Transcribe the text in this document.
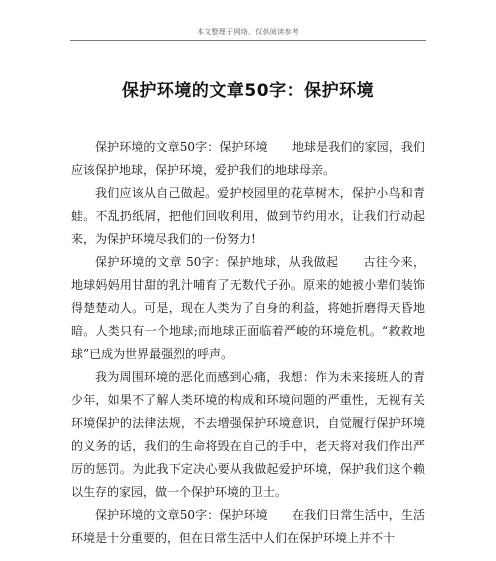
本文整理于网络，仅供阅读参考
保护环境的文章50字：保护环境

保护环境的文章50字：保护环境　　地球是我们的家园，我们应该保护地球，保护环境，爱护我们的地球母亲。

我们应该从自己做起。爱护校园里的花草树木，保护小鸟和青蛙。不乱扔纸屑，把他们回收利用，做到节约用水，让我们行动起来，为保护环境尽我们的一份努力!

保护环境的文章 50字：保护地球，从我做起　　古往今来，地球妈妈用甘甜的乳汁哺育了无数代子孙。原来的她被小辈们装饰得楚楚动人。可是，现在人类为了自身的利益，将她折磨得天昏地暗。人类只有一个地球;而地球正面临着严峻的环境危机。“救救地球”已成为世界最强烈的呼声。

我为周围环境的恶化而感到心痛，我想：作为未来接班人的青少年，如果不了解人类环境的构成和环境问题的严重性，无视有关环境保护的法律法规，不去增强保护环境意识，自觉履行保护环境的义务的话，我们的生命将毁在自己的手中，老天将对我们作出严厉的惩罚。为此我下定决心要从我做起爱护环境，保护我们这个赖以生存的家园，做一个保护环境的卫士。

保护环境的文章50字：保护环境　　在我们日常生活中，生活环境是十分重要的，但在日常生活中人们在保护环境上并不十
